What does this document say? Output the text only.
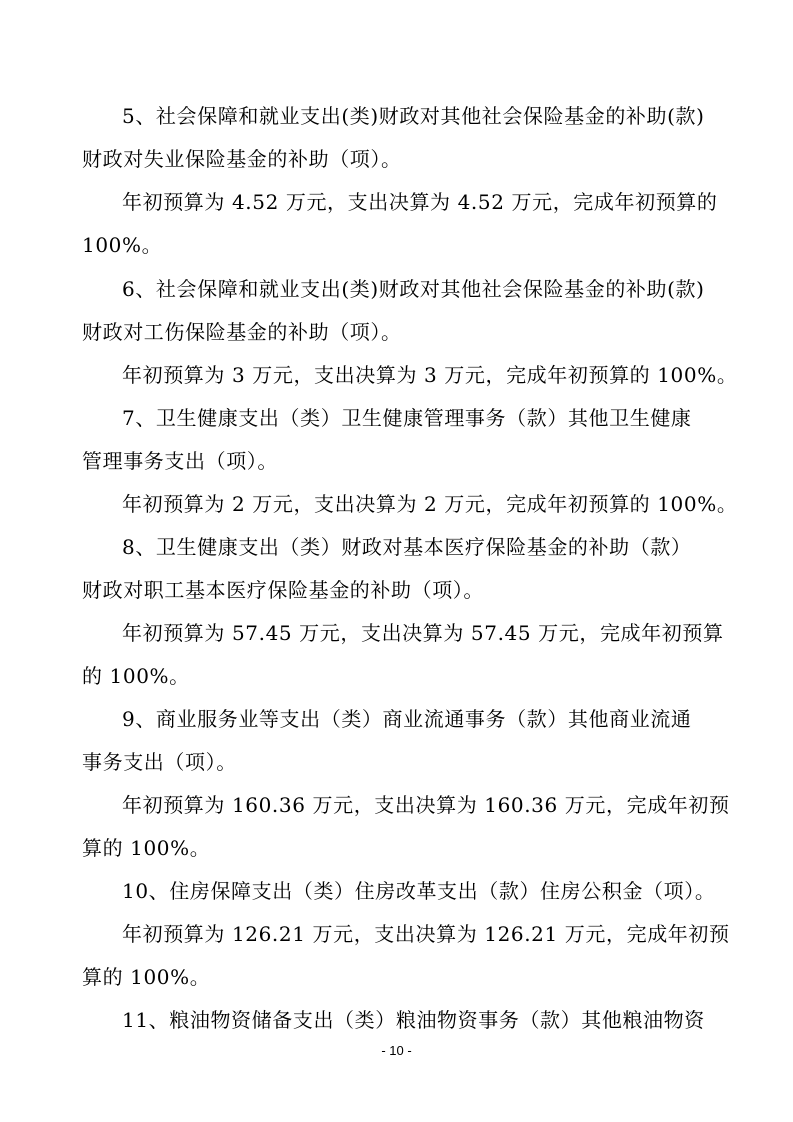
5、社会保障和就业支出(类)财政对其他社会保险基金的补助(款)
财政对失业保险基金的补助（项）。
年初预算为 4.52 万元，支出决算为 4.52 万元，完成年初预算的
100%。
6、社会保障和就业支出(类)财政对其他社会保险基金的补助(款)
财政对工伤保险基金的补助（项）。
年初预算为 3 万元，支出决算为 3 万元，完成年初预算的 100%。
7、卫生健康支出（类）卫生健康管理事务（款）其他卫生健康
管理事务支出（项）。
年初预算为 2 万元，支出决算为 2 万元，完成年初预算的 100%。
8、卫生健康支出（类）财政对基本医疗保险基金的补助（款）
财政对职工基本医疗保险基金的补助（项）。
年初预算为 57.45 万元，支出决算为 57.45 万元，完成年初预算
的 100%。
9、商业服务业等支出（类）商业流通事务（款）其他商业流通
事务支出（项）。
年初预算为 160.36 万元，支出决算为 160.36 万元，完成年初预
算的 100%。
10、住房保障支出（类）住房改革支出（款）住房公积金（项）。
年初预算为 126.21 万元，支出决算为 126.21 万元，完成年初预
算的 100%。
11、粮油物资储备支出（类）粮油物资事务（款）其他粮油物资
- 10 -
